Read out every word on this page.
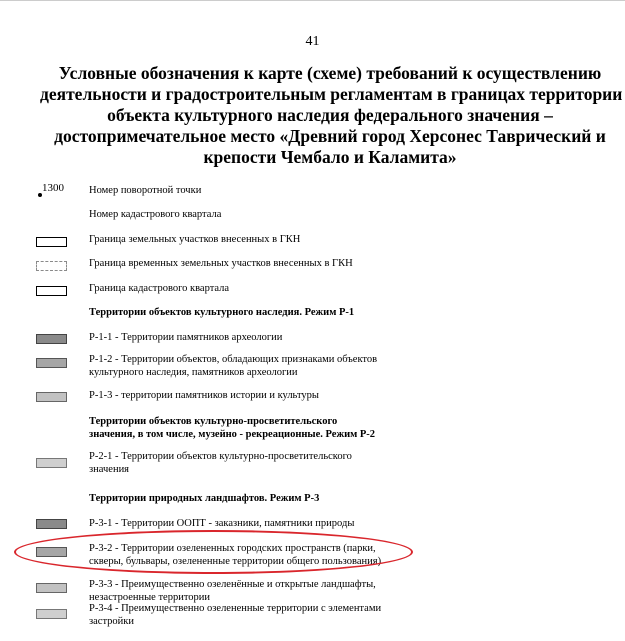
41
Условные обозначения к карте (схеме) требований к осуществлению
деятельности и градостроительным регламентам в границах территории
объекта культурного наследия федерального значения –
достопримечательное место «Древний город Херсонес Таврический и
крепости Чембало и Каламита»
1300 Номер поворотной точки
Номер кадастрового квартала
Граница земельных участков внесенных в ГКН
Граница временных земельных участков внесенных в ГКН
Граница кадастрового квартала
Территории объектов культурного наследия. Режим Р-1
Р-1-1 - Территории памятников археологии
Р-1-2 - Территории объектов, обладающих признаками объектов
культурного наследия, памятников археологии
Р-1-3 - территории памятников истории и культуры
Территории объектов культурно-просветительского
значения, в том числе, музейно - рекреационные. Режим Р-2
Р-2-1 - Территории объектов культурно-просветительского
значения
Территории природных ландшафтов. Режим Р-3
Р-3-1 - Территории ООПТ - заказники, памятники природы
Р-3-2 - Территории озелененных городских пространств (парки,
скверы, бульвары, озелененные территории общего пользования)
Р-3-3 - Преимущественно озеленённые и открытые ландшафты,
незастроенные территории
Р-3-4 - Преимущественно озелененные территории с элементами
застройки
